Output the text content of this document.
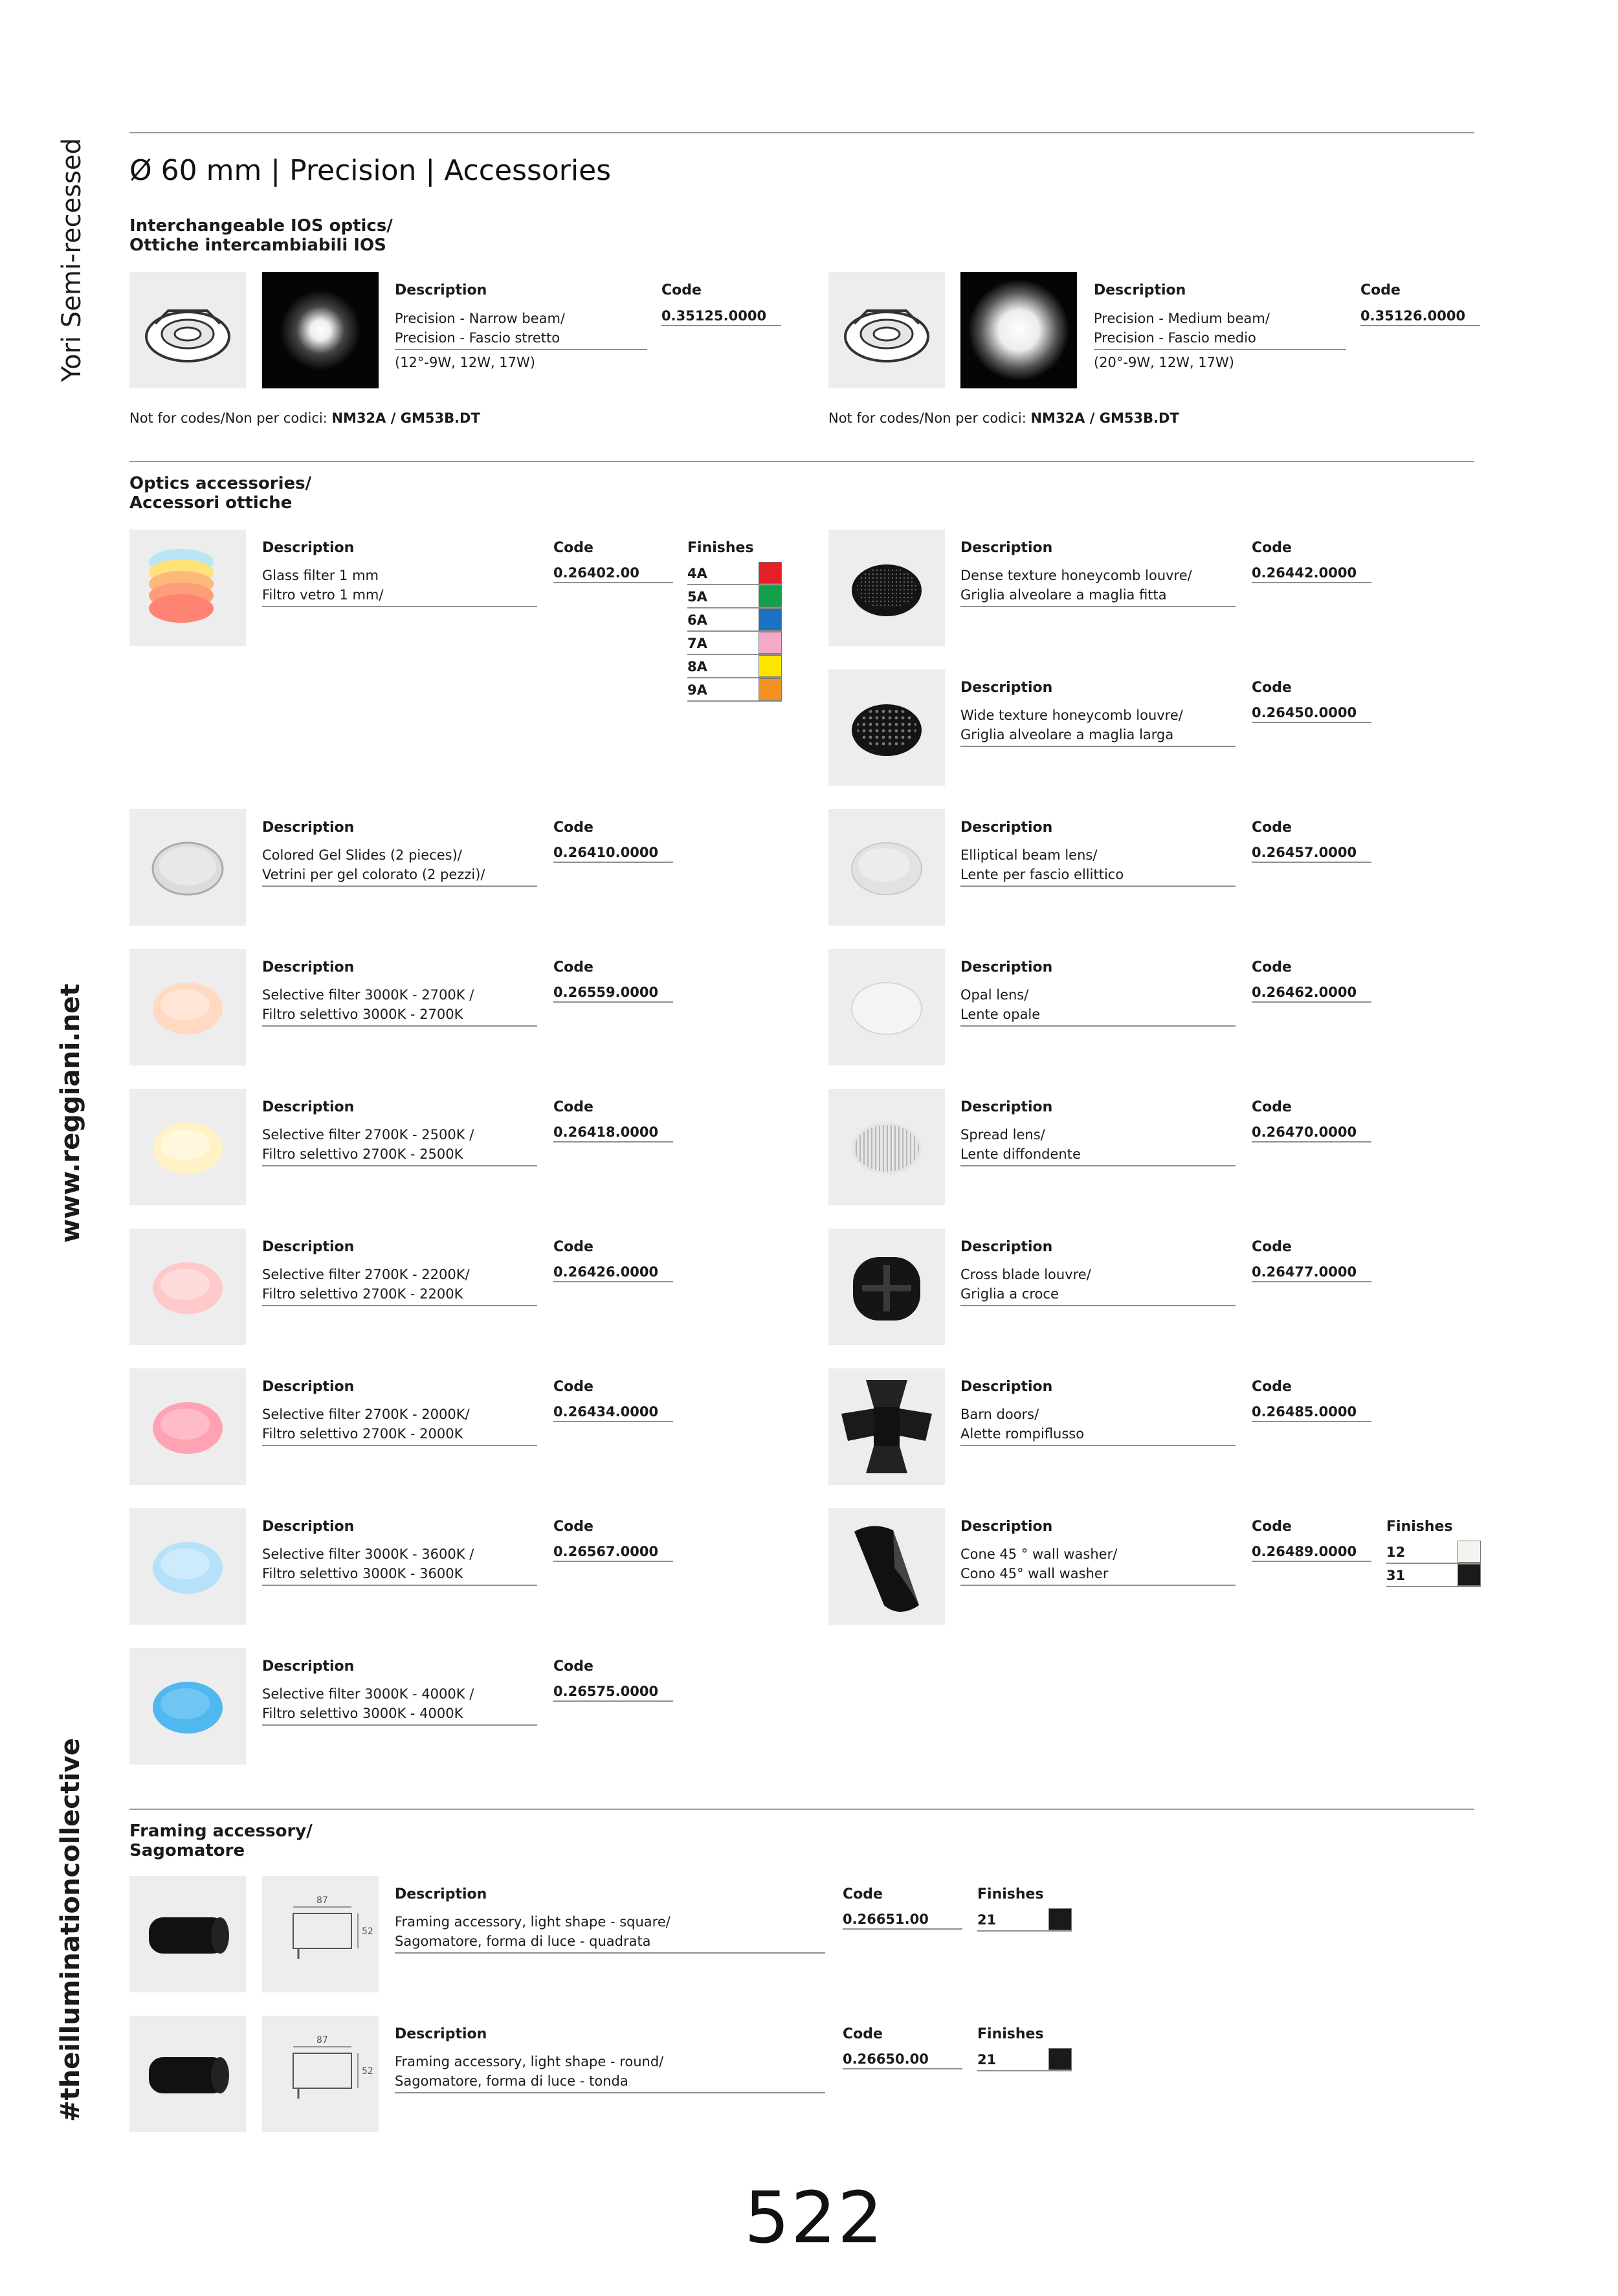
Yori Semi-recessed
www.reggiani.net
#theilluminationcollective
Ø 60 mm | Precision | Accessories
Interchangeable IOS optics/
Ottiche intercambiabili IOS
Description
Precision - Narrow beam/
Precision - Fascio stretto
(12°-9W, 12W, 17W)
Code
0.35125.0000
Not for codes/Non per codici: NM32A / GM53B.DT
Description
Precision - Medium beam/
Precision - Fascio medio
(20°-9W, 12W, 17W)
Code
0.35126.0000
Not for codes/Non per codici: NM32A / GM53B.DT
Optics accessories/
Accessori ottiche
Description
Glass filter 1 mm
Filtro vetro 1 mm/
Code
0.26402.00
Finishes
4A
5A
6A
7A
8A
9A
Description
Colored Gel Slides (2 pieces)/
Vetrini per gel colorato (2 pezzi)/
Code
0.26410.0000
Description
Selective filter 3000K - 2700K /
Filtro selettivo 3000K - 2700K
Code
0.26559.0000
Description
Selective filter 2700K - 2500K /
Filtro selettivo 2700K - 2500K
Code
0.26418.0000
Description
Selective filter 2700K - 2200K/
Filtro selettivo 2700K - 2200K
Code
0.26426.0000
Description
Selective filter 2700K - 2000K/
Filtro selettivo 2700K - 2000K
Code
0.26434.0000
Description
Selective filter 3000K - 3600K /
Filtro selettivo 3000K - 3600K
Code
0.26567.0000
Description
Selective filter 3000K - 4000K /
Filtro selettivo 3000K - 4000K
Code
0.26575.0000
Description
Dense texture honeycomb louvre/
Griglia alveolare a maglia fitta
Code
0.26442.0000
Description
Wide texture honeycomb louvre/
Griglia alveolare a maglia larga
Code
0.26450.0000
Description
Elliptical beam lens/
Lente per fascio ellittico
Code
0.26457.0000
Description
Opal lens/
Lente opale
Code
0.26462.0000
Description
Spread lens/
Lente diffondente
Code
0.26470.0000
Description
Cross blade louvre/
Griglia a croce
Code
0.26477.0000
Description
Barn doors/
Alette rompiflusso
Code
0.26485.0000
Description
Cone 45 ° wall washer/
Cono 45° wall washer
Code
0.26489.0000
Finishes
12
31
Framing accessory/
Sagomatore
87
52
Description
Framing accessory, light shape - square/
Sagomatore, forma di luce - quadrata
Code
0.26651.00
Finishes
21
87
52
Description
Framing accessory, light shape - round/
Sagomatore, forma di luce - tonda
Code
0.26650.00
Finishes
21
522
